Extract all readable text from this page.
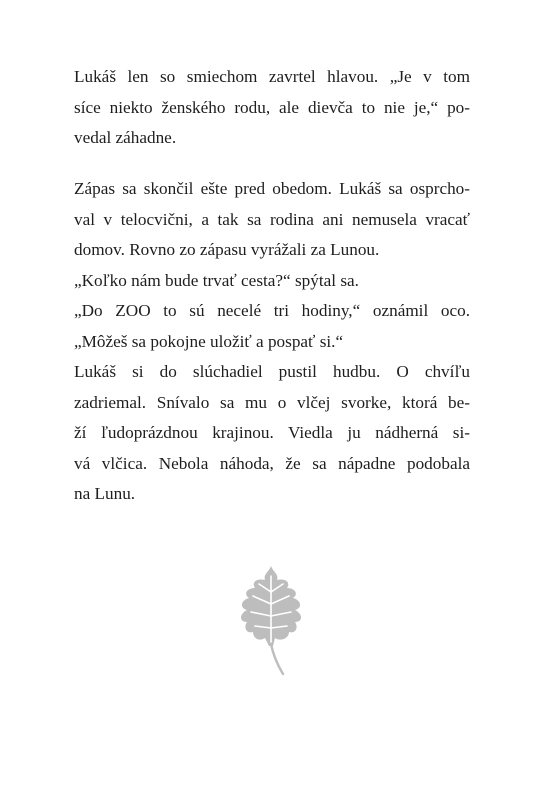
Lukáš len so smiechom zavrtel hlavou. „Je v tom
síce niekto ženského rodu, ale dievča to nie je,“ po-
vedal záhadne.
Zápas sa skončil ešte pred obedom. Lukáš sa osprcho-
val v telocvični, a tak sa rodina ani nemusela vracať
domov. Rovno zo zápasu vyrážali za Lunou.
„Koľko nám bude trvať cesta?“ spýtal sa.
„Do ZOO to sú necelé tri hodiny,“ oznámil oco.
„Môžeš sa pokojne uložiť a pospať si.“
Lukáš si do slúchadiel pustil hudbu. O chvíľu
zadriemal. Snívalo sa mu o vlčej svorke, ktorá be-
ží ľudoprázdnou krajinou. Viedla ju nádherná si-
vá vlčica. Nebola náhoda, že sa nápadne podobala
na Lunu.
